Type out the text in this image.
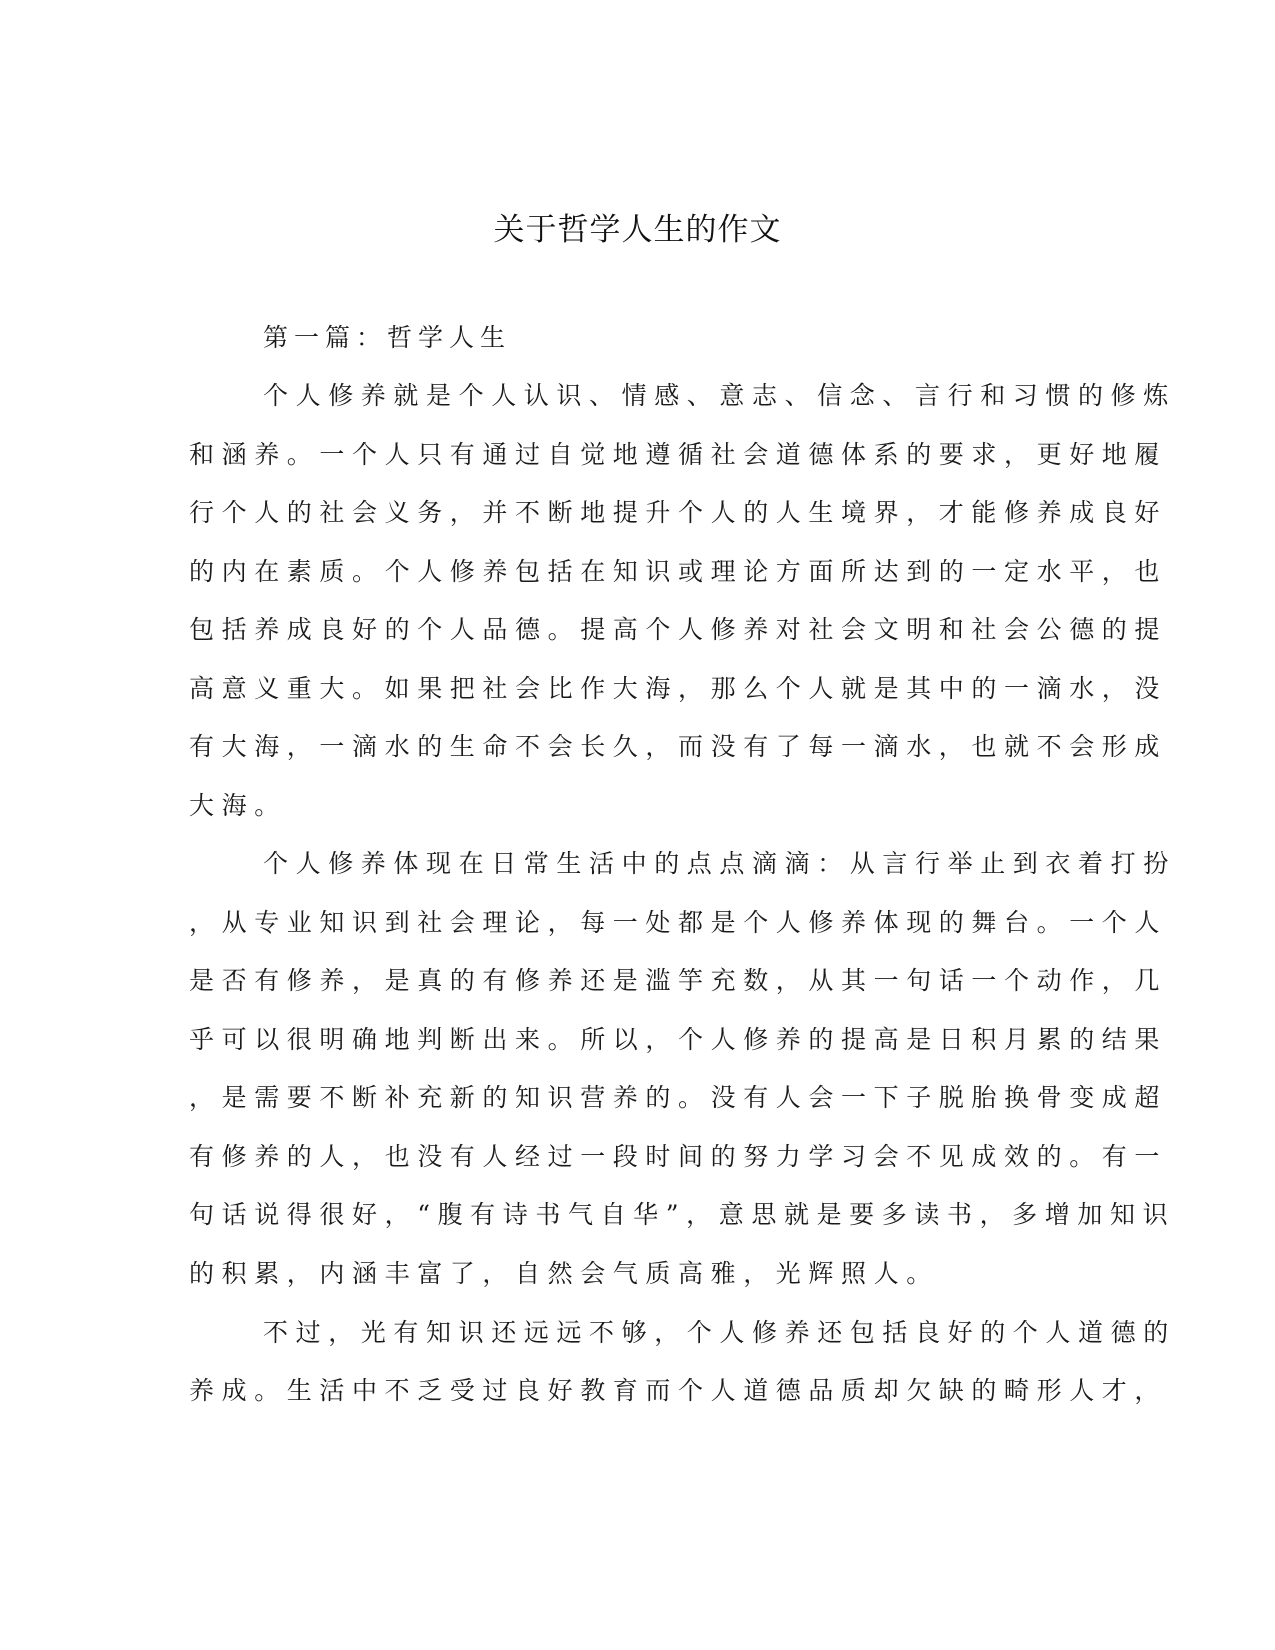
关于哲学人生的作文
第一篇：哲学人生
个人修养就是个人认识、情感、意志、信念、言行和习惯的修炼
和涵养。一个人只有通过自觉地遵循社会道德体系的要求，更好地履
行个人的社会义务，并不断地提升个人的人生境界，才能修养成良好
的内在素质。个人修养包括在知识或理论方面所达到的一定水平，也
包括养成良好的个人品德。提高个人修养对社会文明和社会公德的提
高意义重大。如果把社会比作大海，那么个人就是其中的一滴水，没
有大海，一滴水的生命不会长久，而没有了每一滴水，也就不会形成
大海。
个人修养体现在日常生活中的点点滴滴：从言行举止到衣着打扮
，从专业知识到社会理论，每一处都是个人修养体现的舞台。一个人
是否有修养，是真的有修养还是滥竽充数，从其一句话一个动作，几
乎可以很明确地判断出来。所以，个人修养的提高是日积月累的结果
，是需要不断补充新的知识营养的。没有人会一下子脱胎换骨变成超
有修养的人，也没有人经过一段时间的努力学习会不见成效的。有一
句话说得很好，“腹有诗书气自华”，意思就是要多读书，多增加知识
的积累，内涵丰富了，自然会气质高雅，光辉照人。
不过，光有知识还远远不够，个人修养还包括良好的个人道德的
养成。生活中不乏受过良好教育而个人道德品质却欠缺的畸形人才，
